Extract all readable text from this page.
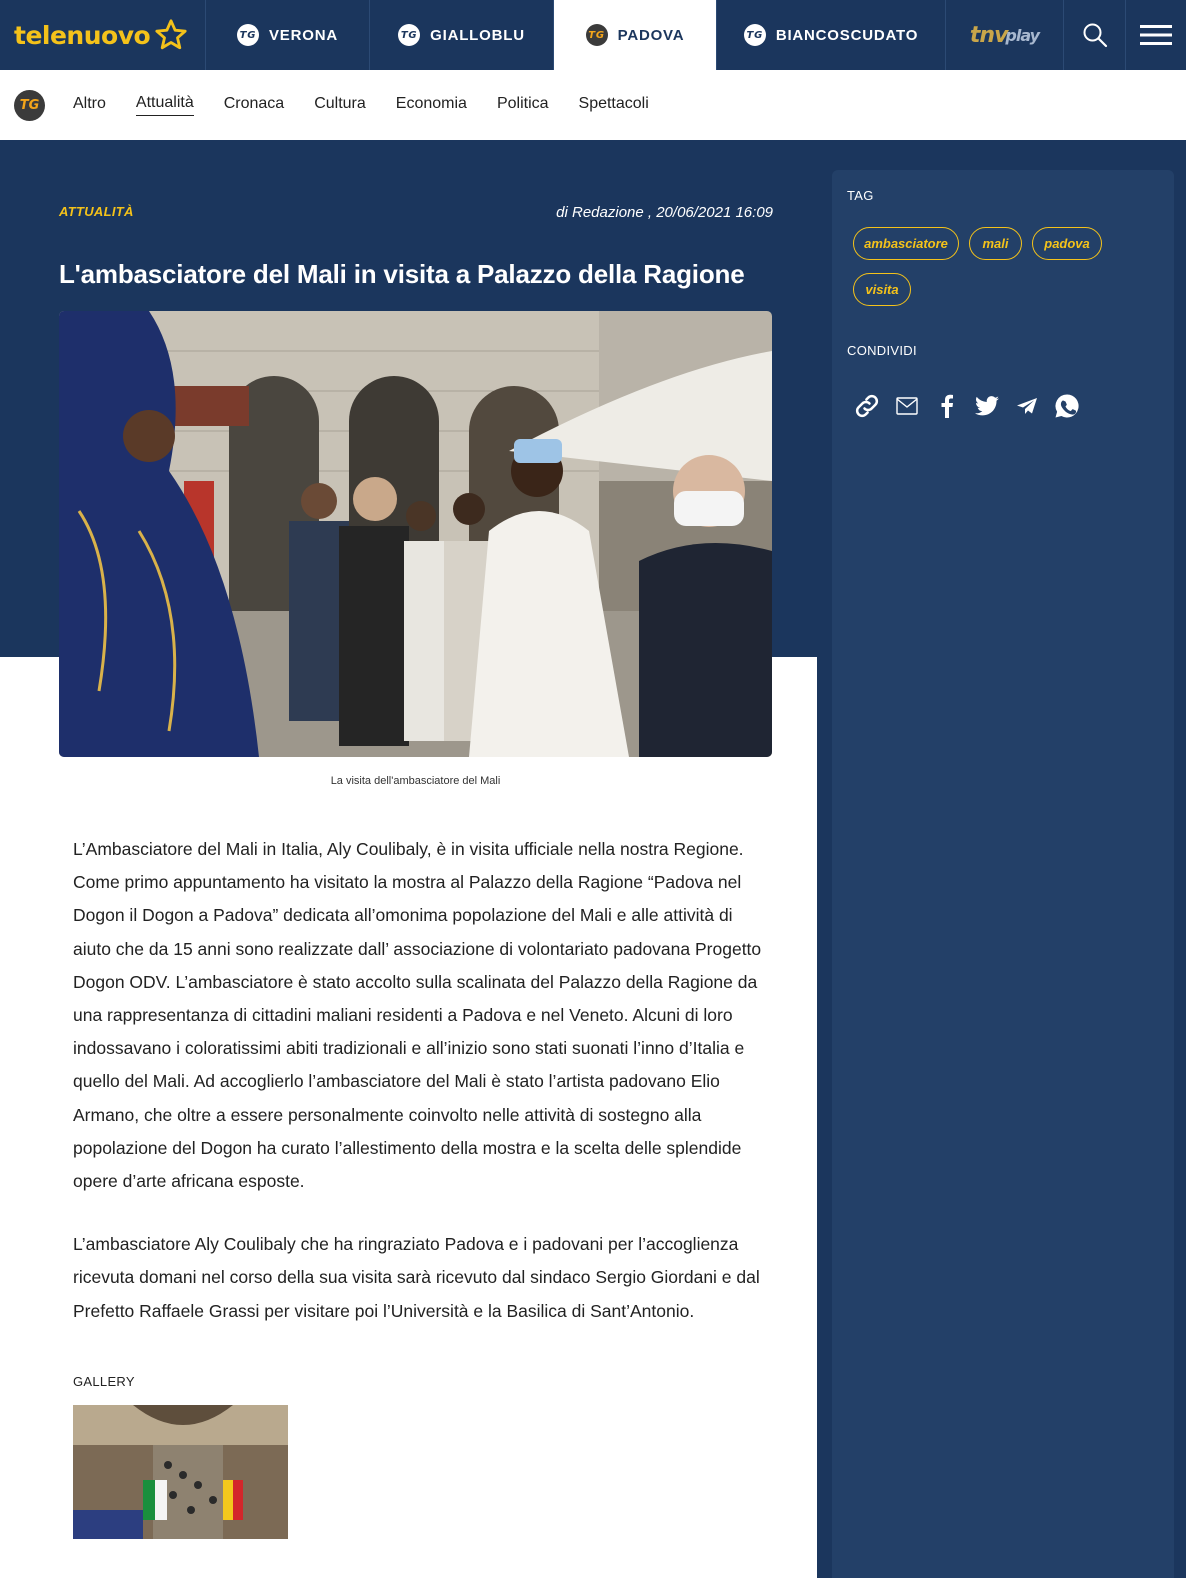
telenuovo	TG VERONA	TG GIALLOBLU	TG PADOVA	TG BIANCOSCUDATO tnv
play
TG	Altro Attualità Cronaca Cultura Economia Politica Spettacoli
ATTUALITÀ	di Redazione , 20/06/2021 16:09
L'ambasciatore del Mali in visita a Palazzo della Ragione
La visita dell'ambasciatore del Mali

L’Ambasciatore del Mali in Italia, Aly Coulibaly, è in visita ufficiale nella nostra Regione. Come primo appuntamento ha visitato la mostra al Palazzo della Ragione “Padova nel Dogon il Dogon a Padova” dedicata all’omonima popolazione del Mali e alle attività di aiuto che da 15 anni sono realizzate dall’ associazione di volontariato padovana Progetto Dogon ODV. L’ambasciatore è stato accolto sulla scalinata del Palazzo della Ragione da una rappresentanza di cittadini maliani residenti a Padova e nel Veneto. Alcuni di loro indossavano i coloratissimi abiti tradizionali e all’inizio sono stati suonati l’inno d’Italia e quello del Mali. Ad accoglierlo l’ambasciatore del Mali è stato l’artista padovano Elio Armano, che oltre a essere personalmente coinvolto nelle attività di sostegno alla popolazione del Dogon ha curato l’allestimento della mostra e la scelta delle splendide opere d’arte africana esposte.

L’ambasciatore Aly Coulibaly che ha ringraziato Padova e i padovani per l’accoglienza ricevuta domani nel corso della sua visita sarà ricevuto dal sindaco Sergio Giordani e dal Prefetto Raffaele Grassi per visitare poi l’Università e la Basilica di Sant’Antonio.

GALLERY
TAG
ambasciatore	mali	padova
visita
CONDIVIDI
